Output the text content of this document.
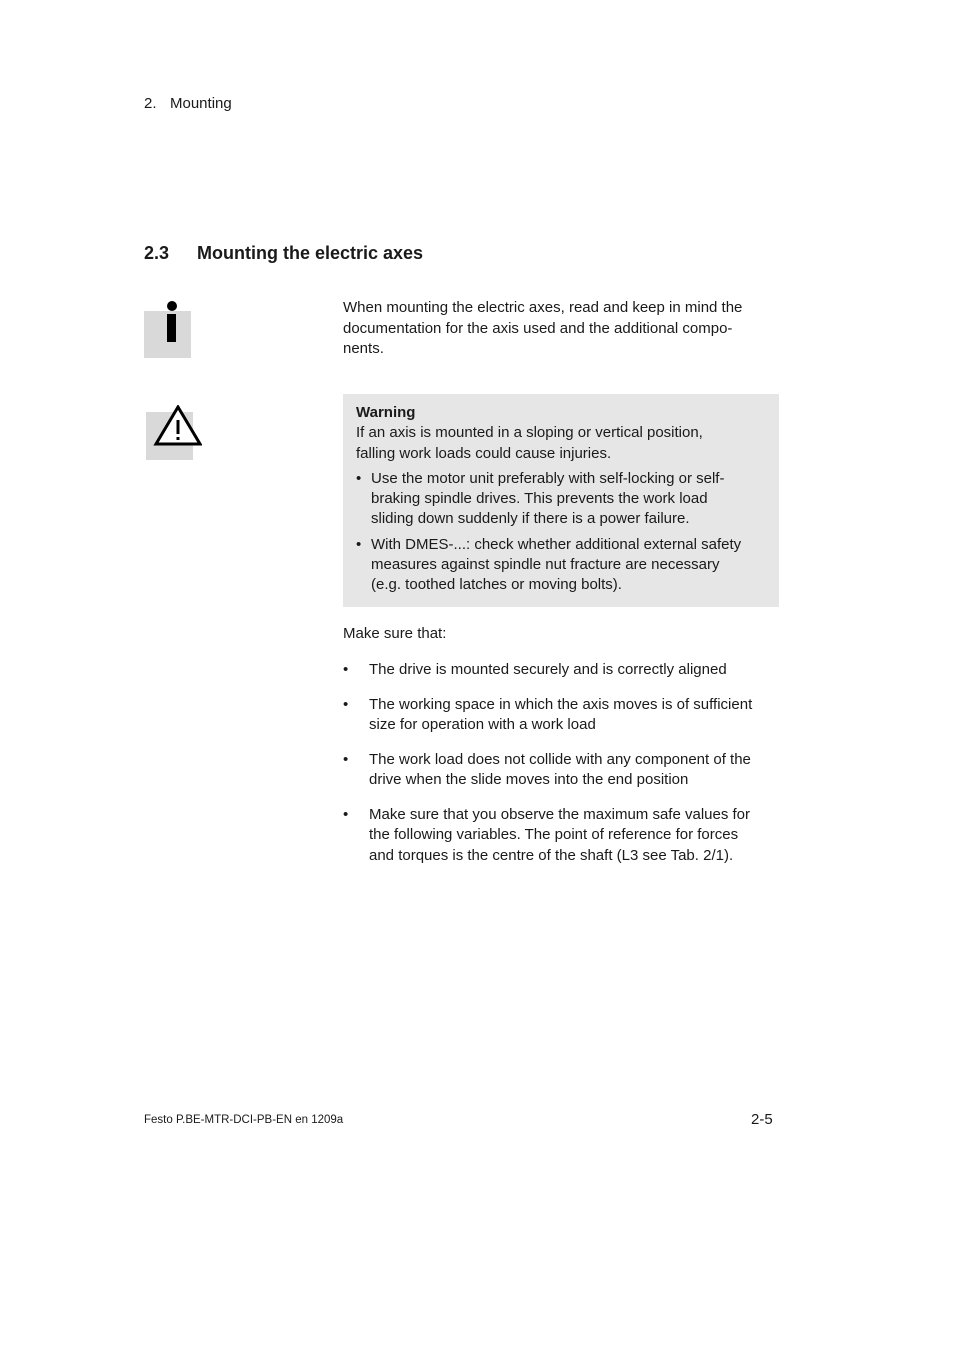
2. Mounting
2.3 Mounting the electric axes
When mounting the electric axes, read and keep in mind the
documentation for the axis used and the additional compo-
nents.
Warning
If an axis is mounted in a sloping or vertical position,
falling work loads could cause injuries.
• Use the motor unit preferably with self-locking or self-
braking spindle drives. This prevents the work load
sliding down suddenly if there is a power failure.
• With DMES-...: check whether additional external safety
measures against spindle nut fracture are necessary
(e.g. toothed latches or moving bolts).
Make sure that:
• The drive is mounted securely and is correctly aligned
• The working space in which the axis moves is of sufficient
size for operation with a work load
• The work load does not collide with any component of the
drive when the slide moves into the end position
• Make sure that you observe the maximum safe values for
the following variables. The point of reference for forces
and torques is the centre of the shaft (L3 see Tab. 2/1).
Festo P.BE-MTR-DCI-PB-EN en 1209a	2-5
